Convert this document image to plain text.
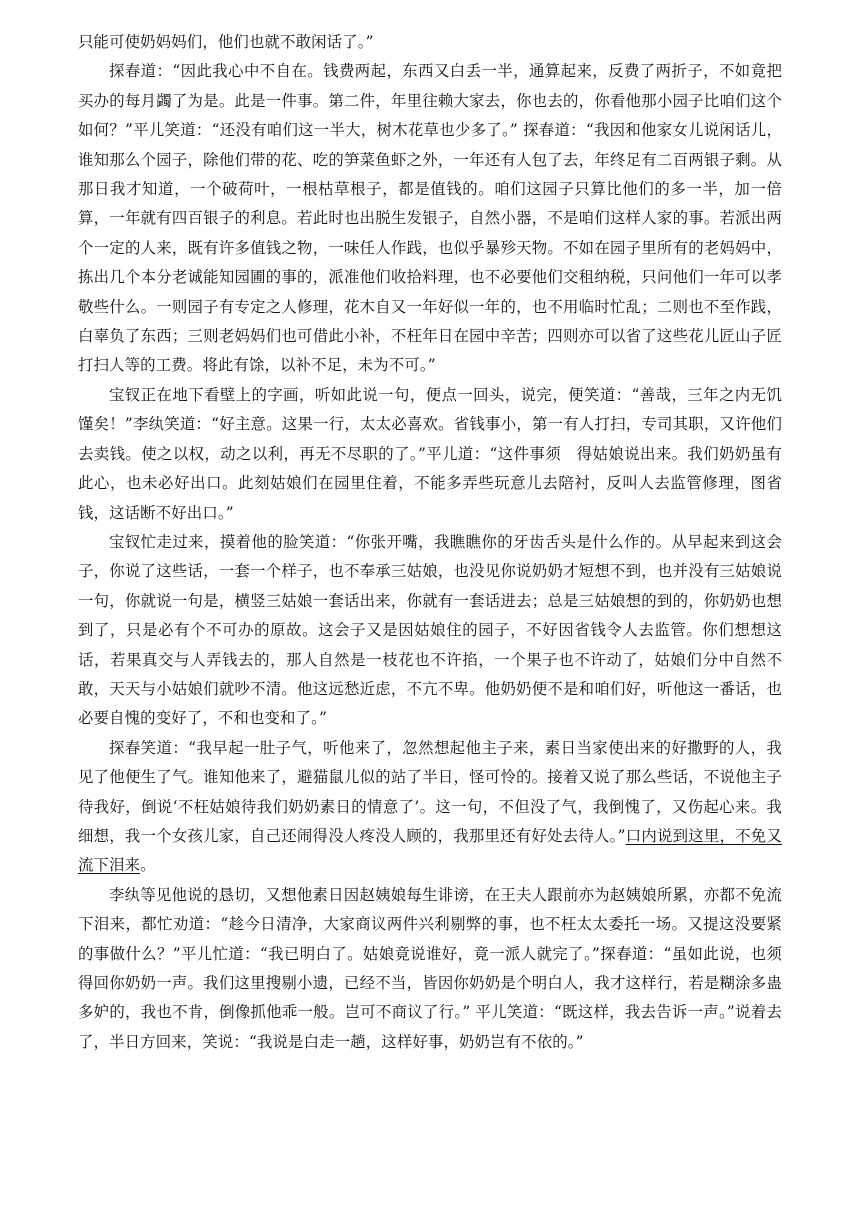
只能可使奶妈妈们，他们也就不敢闲话了。”

探春道：“因此我心中不自在。钱费两起，东西又白丢一半，通算起来，反费了两折子，不如竟把买办的每月蠲了为是。此是一件事。第二件，年里往赖大家去，你也去的，你看他那小园子比咱们这个如何？”平儿笑道：“还没有咱们这一半大，树木花草也少多了。” 探春道：“我因和他家女儿说闲话儿，谁知那么个园子，除他们带的花、吃的笋菜鱼虾之外，一年还有人包了去，年终足有二百两银子剩。从那日我才知道，一个破荷叶，一根枯草根子，都是值钱的。咱们这园子只算比他们的多一半，加一倍算，一年就有四百银子的利息。若此时也出脱生发银子，自然小器，不是咱们这样人家的事。若派出两个一定的人来，既有许多值钱之物，一味任人作践，也似乎暴殄天物。不如在园子里所有的老妈妈中，拣出几个本分老诚能知园圃的事的，派准他们收拾料理，也不必要他们交租纳税，只问他们一年可以孝敬些什么。一则园子有专定之人修理，花木自又一年好似一年的，也不用临时忙乱；二则也不至作践，白辜负了东西；三则老妈妈们也可借此小补，不枉年日在园中辛苦；四则亦可以省了这些花儿匠山子匠打扫人等的工费。将此有馀，以补不足，未为不可。”

宝钗正在地下看壁上的字画，听如此说一句，便点一回头，说完，便笑道：“善哉，三年之内无饥馑矣！”李纨笑道：“好主意。这果一行，太太必喜欢。省钱事小，第一有人打扫，专司其职，又许他们去卖钱。使之以权，动之以利，再无不尽职的了。”平儿道：“这件事须　得姑娘说出来。我们奶奶虽有此心，也未必好出口。此刻姑娘们在园里住着，不能多弄些玩意儿去陪衬，反叫人去监管修理，图省钱，这话断不好出口。”

宝钗忙走过来，摸着他的脸笑道：“你张开嘴，我瞧瞧你的牙齿舌头是什么作的。从早起来到这会子，你说了这些话，一套一个样子，也不奉承三姑娘，也没见你说奶奶才短想不到，也并没有三姑娘说一句，你就说一句是，横竖三姑娘一套话出来，你就有一套话进去；总是三姑娘想的到的，你奶奶也想到了，只是必有个不可办的原故。这会子又是因姑娘住的园子，不好因省钱令人去监管。你们想想这话，若果真交与人弄钱去的，那人自然是一枝花也不许掐，一个果子也不许动了，姑娘们分中自然不敢，天天与小姑娘们就吵不清。他这远愁近虑，不亢不卑。他奶奶便不是和咱们好，听他这一番话，也必要自愧的变好了，不和也变和了。”

探春笑道：“我早起一肚子气，听他来了，忽然想起他主子来，素日当家使出来的好撒野的人，我见了他便生了气。谁知他来了，避猫鼠儿似的站了半日，怪可怜的。接着又说了那么些话，不说他主子待我好，倒说‘不枉姑娘待我们奶奶素日的情意了’。这一句，不但没了气，我倒愧了，又伤起心来。我细想，我一个女孩儿家，自己还闹得没人疼没人顾的，我那里还有好处去待人。”口内说到这里，不免又流下泪来。

李纨等见他说的恳切，又想他素日因赵姨娘每生诽谤，在王夫人跟前亦为赵姨娘所累，亦都不免流下泪来，都忙劝道：“趁今日清净，大家商议两件兴利剔弊的事，也不枉太太委托一场。又提这没要紧的事做什么？”平儿忙道：“我已明白了。姑娘竟说谁好，竟一派人就完了。”探春道：“虽如此说，也须得回你奶奶一声。我们这里搜剔小遗，已经不当，皆因你奶奶是个明白人，我才这样行，若是糊涂多蛊多妒的，我也不肯，倒像抓他乖一般。岂可不商议了行。” 平儿笑道：“既这样，我去告诉一声。”说着去了，半日方回来，笑说：“我说是白走一趟，这样好事，奶奶岂有不依的。”
